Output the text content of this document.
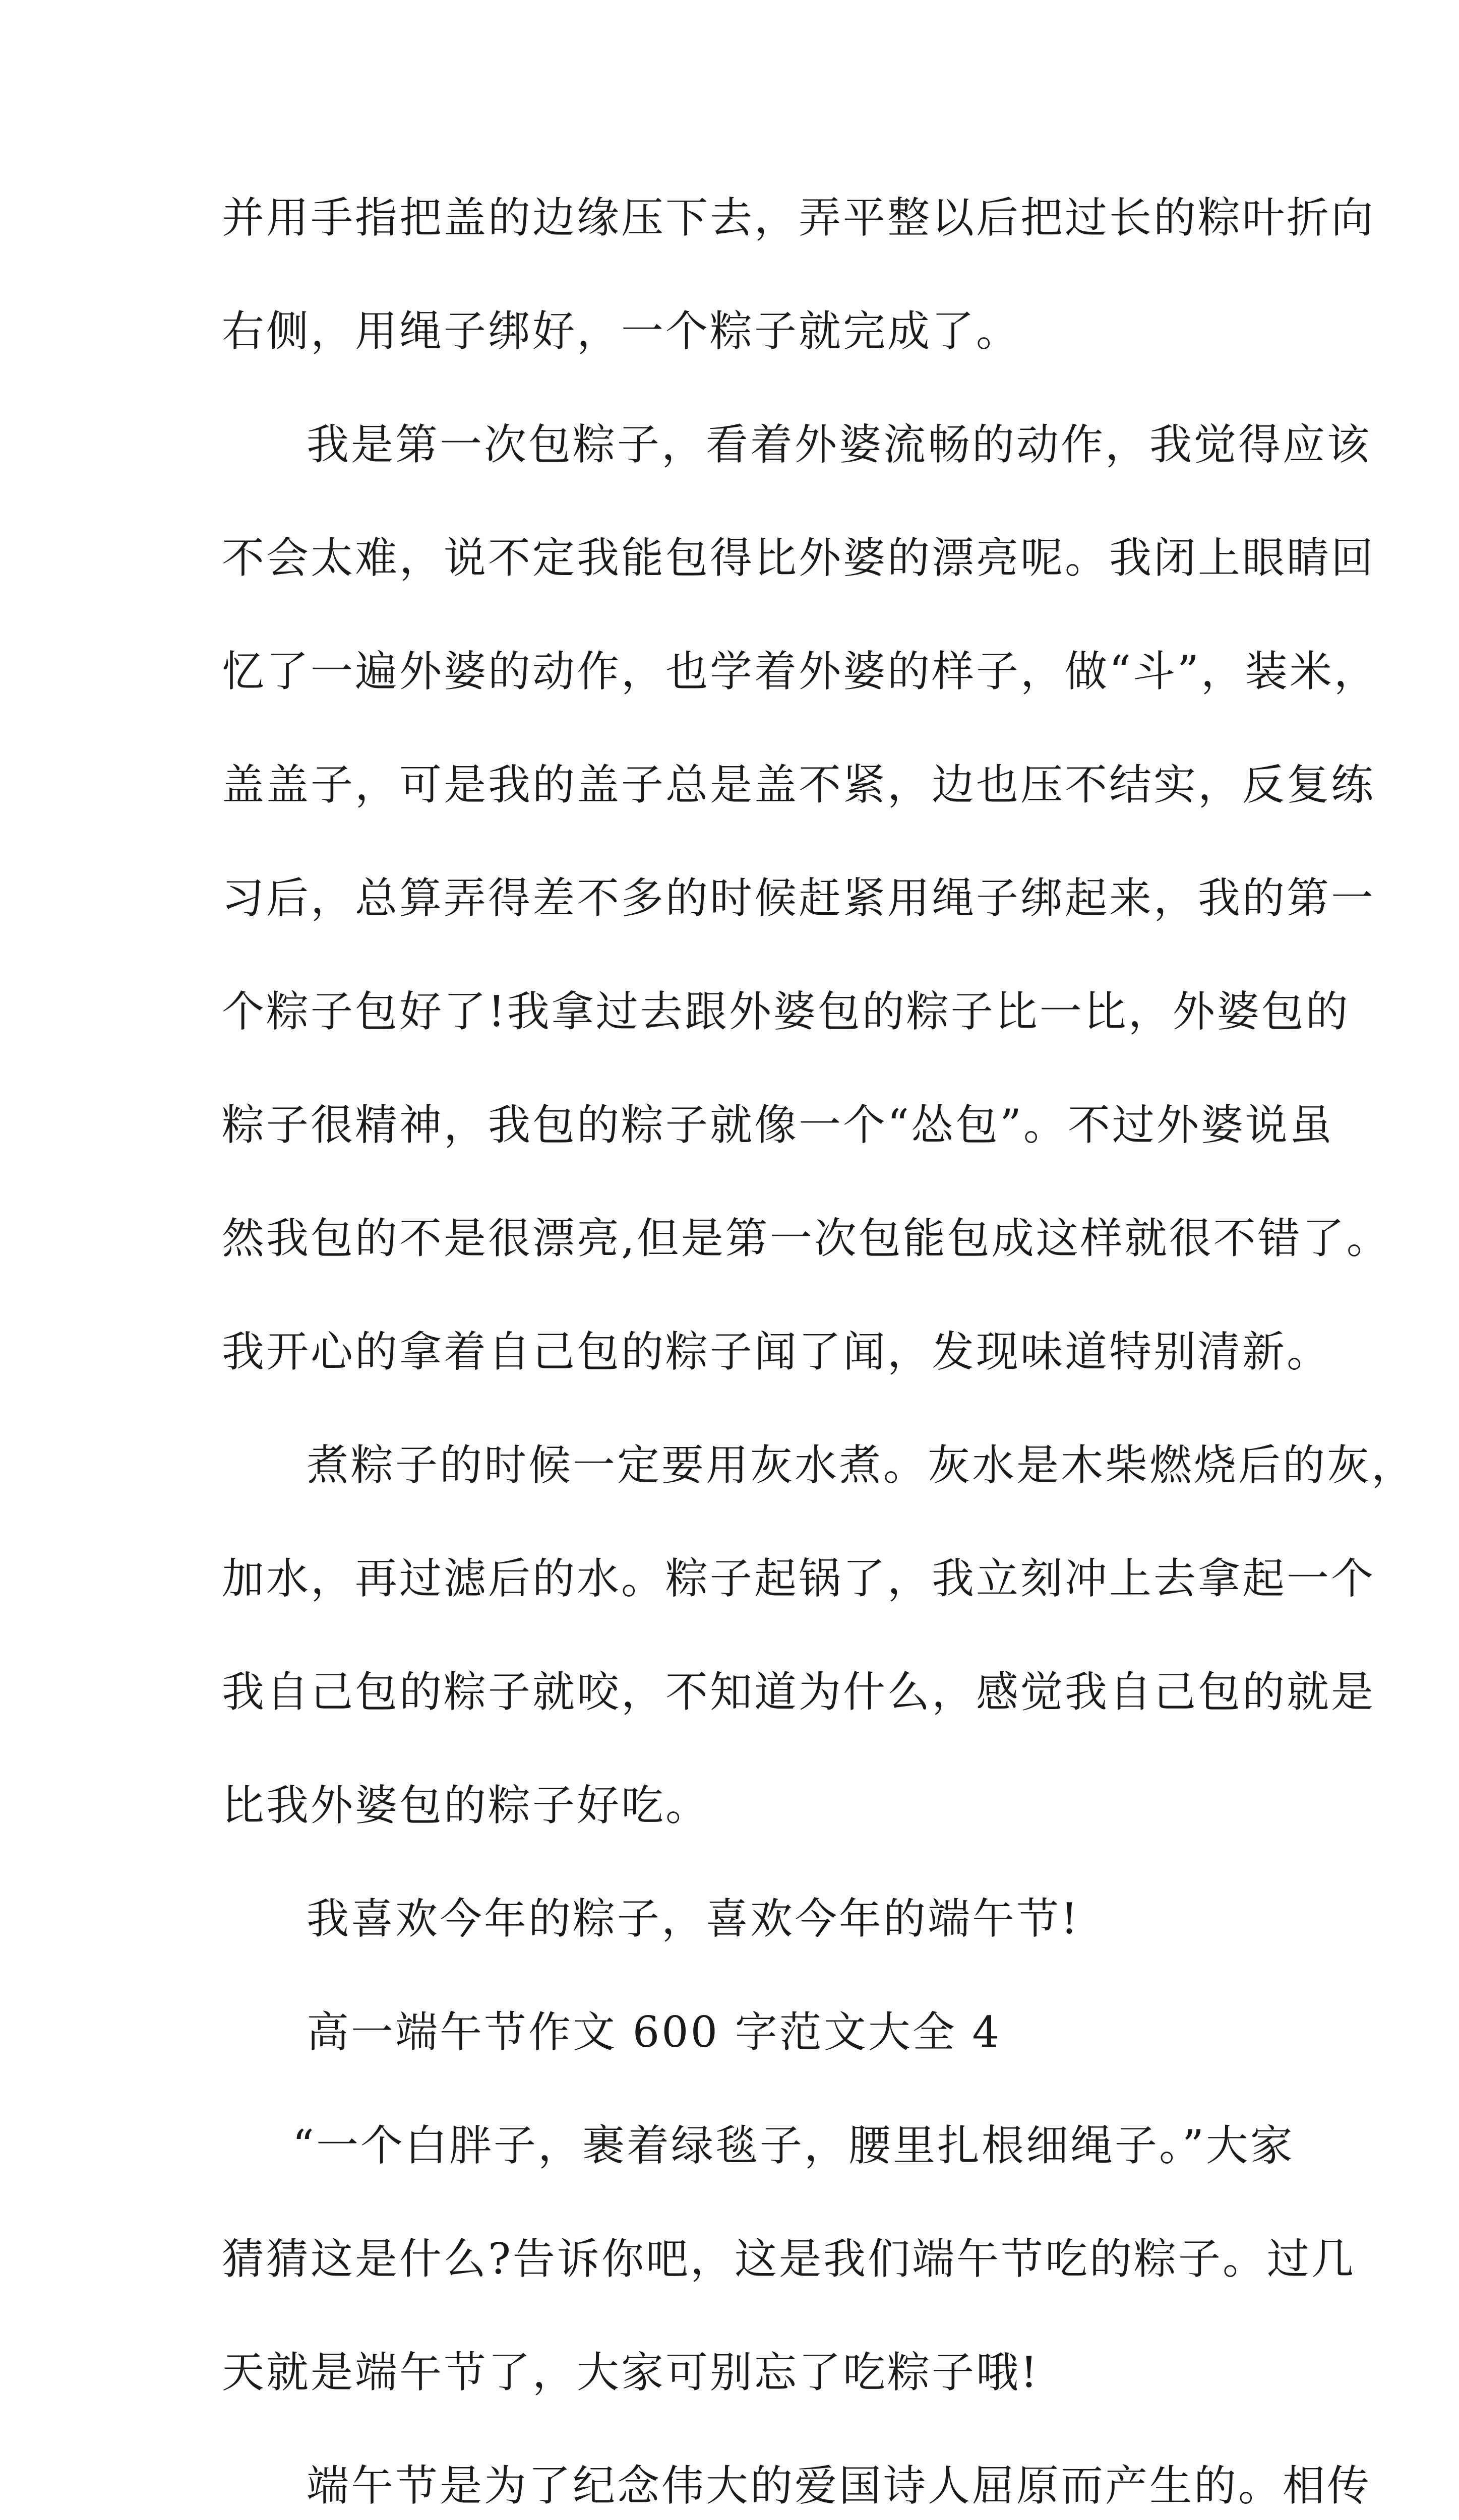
并用手指把盖的边缘压下去，弄平整以后把过长的粽叶折向
右侧，用绳子绑好，一个粽子就完成了。
我是第一次包粽子，看着外婆流畅的动作，我觉得应该
不会太难，说不定我能包得比外婆的漂亮呢。我闭上眼睛回
忆了一遍外婆的动作，也学着外婆的样子，做“斗”，装米，
盖盖子，可是我的盖子总是盖不紧，边也压不结实，反复练
习后，总算弄得差不多的时候赶紧用绳子绑起来，我的第一
个粽子包好了!我拿过去跟外婆包的粽子比一比，外婆包的
粽子很精神，我包的粽子就像一个“怂包”。不过外婆说虽
然我包的不是很漂亮,但是第一次包能包成这样就很不错了。
我开心的拿着自己包的粽子闻了闻，发现味道特别清新。
煮粽子的时候一定要用灰水煮。灰水是木柴燃烧后的灰，
加水，再过滤后的水。粽子起锅了，我立刻冲上去拿起一个
我自己包的粽子就咬，不知道为什么，感觉我自己包的就是
比我外婆包的粽子好吃。
我喜欢今年的粽子，喜欢今年的端午节!
高一端午节作文 600 字范文大全 4
“一个白胖子，裹着绿毯子，腰里扎根细绳子。”大家
猜猜这是什么?告诉你吧，这是我们端午节吃的粽子。过几
天就是端午节了，大家可别忘了吃粽子哦!
端午节是为了纪念伟大的爱国诗人屈原而产生的。相传
